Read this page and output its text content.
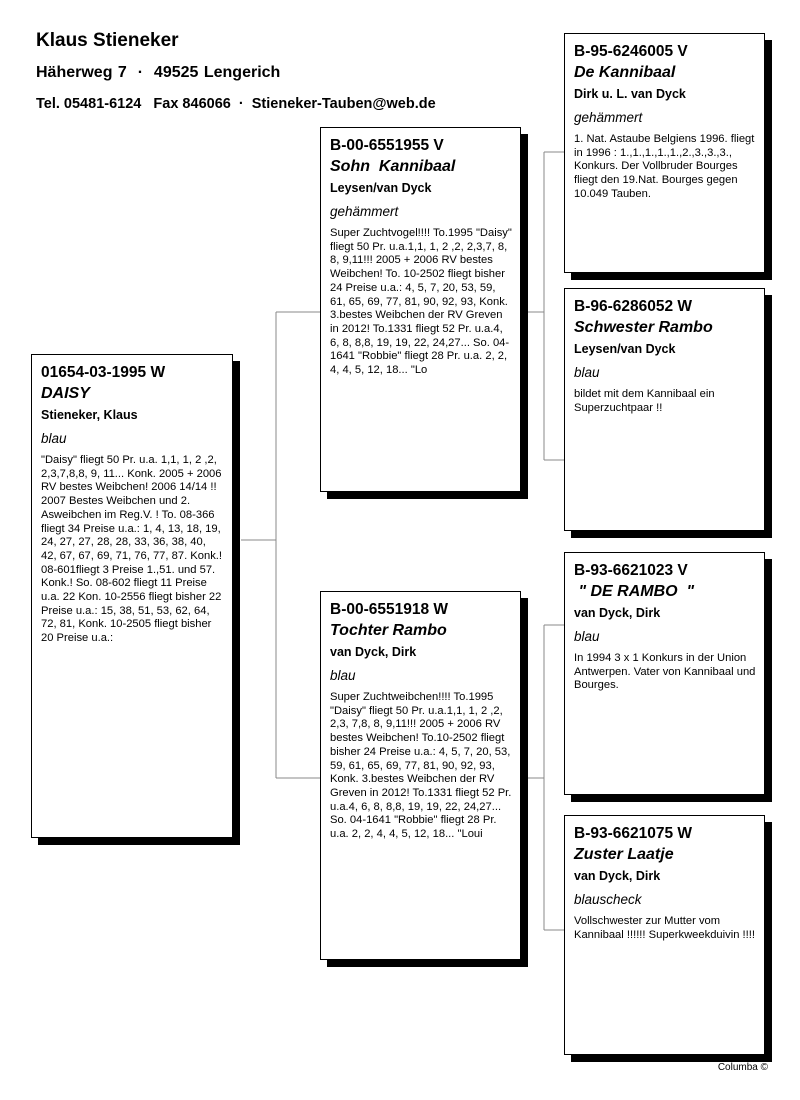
Klaus Stieneker
Häherweg 7  ·  49525 Lengerich
Tel. 05481-6124   Fax 846066  ·  Stieneker-Tauben@web.de
01654-03-1995 W
DAISY
Stieneker, Klaus
blau
"Daisy" fliegt 50 Pr. u.a. 1,1, 1, 2 ,2, 2,3,7,8,8, 9, 11... Konk. 2005 + 2006 RV bestes Weibchen! 2006 14/14 !! 2007 Bestes Weibchen und 2. Asweibchen im Reg.V. ! To. 08-366 fliegt 34 Preise u.a.: 1, 4, 13, 18, 19, 24, 27, 27, 28, 28, 33, 36, 38, 40, 42, 67, 67, 69, 71, 76, 77, 87. Konk.! 08-601fliegt 3 Preise 1.,51. und 57. Konk.! So. 08-602 fliegt 11 Preise u.a. 22 Kon. 10-2556 fliegt bisher 22 Preise u.a.: 15, 38, 51, 53, 62, 64, 72, 81, Konk. 10-2505 fliegt bisher 20 Preise u.a.:
B-00-6551955 V
Sohn  Kannibaal
Leysen/van Dyck
gehämmert
Super Zuchtvogel!!!! To.1995 "Daisy" fliegt 50 Pr. u.a.1,1, 1, 2 ,2, 2,3,7, 8, 8, 9,11!!! 2005 + 2006 RV bestes Weibchen! To. 10-2502 fliegt bisher 24 Preise u.a.: 4, 5, 7, 20, 53, 59, 61, 65, 69, 77, 81, 90, 92, 93, Konk. 3.bestes Weibchen der RV Greven in 2012! To.1331 fliegt 52 Pr. u.a.4, 6, 8, 8,8, 19, 19, 22, 24,27... So. 04-1641 "Robbie" fliegt 28 Pr. u.a. 2, 2, 4, 4, 5, 12, 18... "Lo
B-00-6551918 W
Tochter Rambo
van Dyck, Dirk
blau
Super Zuchtweibchen!!!! To.1995 "Daisy" fliegt 50 Pr. u.a.1,1, 1, 2 ,2, 2,3, 7,8, 8, 9,11!!! 2005 + 2006 RV bestes Weibchen! To.10-2502 fliegt bisher 24 Preise u.a.: 4, 5, 7, 20, 53, 59, 61, 65, 69, 77, 81, 90, 92, 93, Konk. 3.bestes Weibchen der RV Greven in 2012! To.1331 fliegt 52 Pr. u.a.4, 6, 8, 8,8, 19, 19, 22, 24,27... So. 04-1641 "Robbie" fliegt 28 Pr. u.a. 2, 2, 4, 4, 5, 12, 18... "Loui
B-95-6246005 V
De Kannibaal
Dirk u. L. van Dyck
gehämmert
1. Nat. Astaube Belgiens 1996. fliegt in 1996 : 1.,1.,1.,1.,1.,2.,3.,3.,3., Konkurs. Der Vollbruder Bourges fliegt den 19.Nat. Bourges gegen 10.049 Tauben.
B-96-6286052 W
Schwester Rambo
Leysen/van Dyck
blau
bildet mit dem Kannibaal ein Superzuchtpaar !!
B-93-6621023 V
" DE RAMBO  "
van Dyck, Dirk
blau
In 1994 3 x 1 Konkurs in der Union Antwerpen. Vater von Kannibaal und Bourges.
B-93-6621075 W
Zuster Laatje
van Dyck, Dirk
blauscheck
Vollschwester zur Mutter vom Kannibaal !!!!!! Superkweekduivin !!!!
Columba ©
